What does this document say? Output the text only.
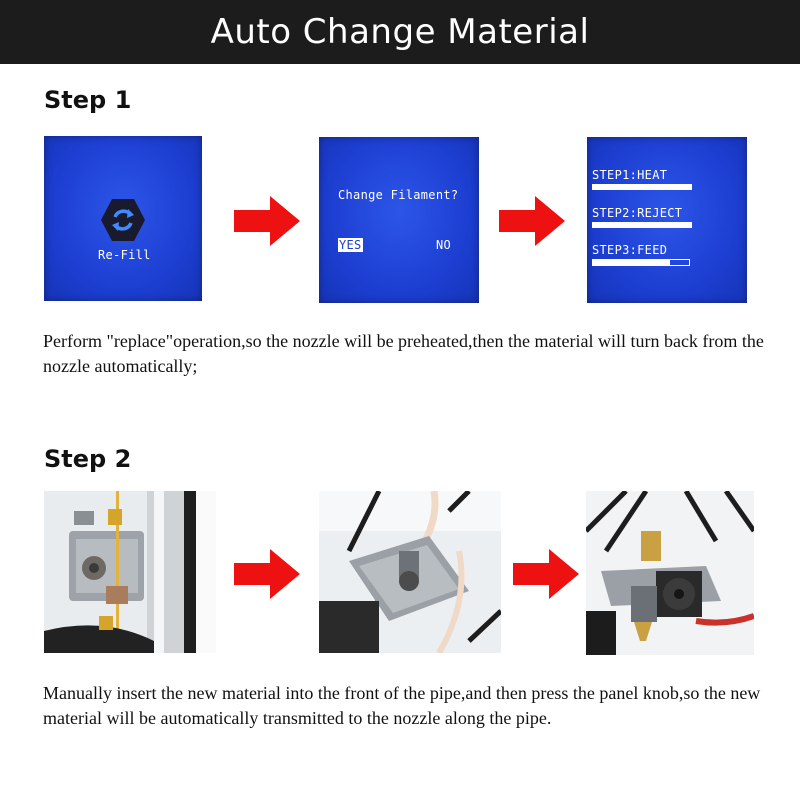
Auto Change Material
Step 1
Re-Fill
Change Filament?
YES	NO
STEP1:HEAT
STEP2:REJECT
STEP3:FEED
Perform "replace"operation,so the nozzle will be preheated,then the material will turn back from the nozzle automatically;
Step 2
Manually insert the new material into the front of the pipe,and then press the panel knob,so the new material will be automatically transmitted to the nozzle along the pipe.
